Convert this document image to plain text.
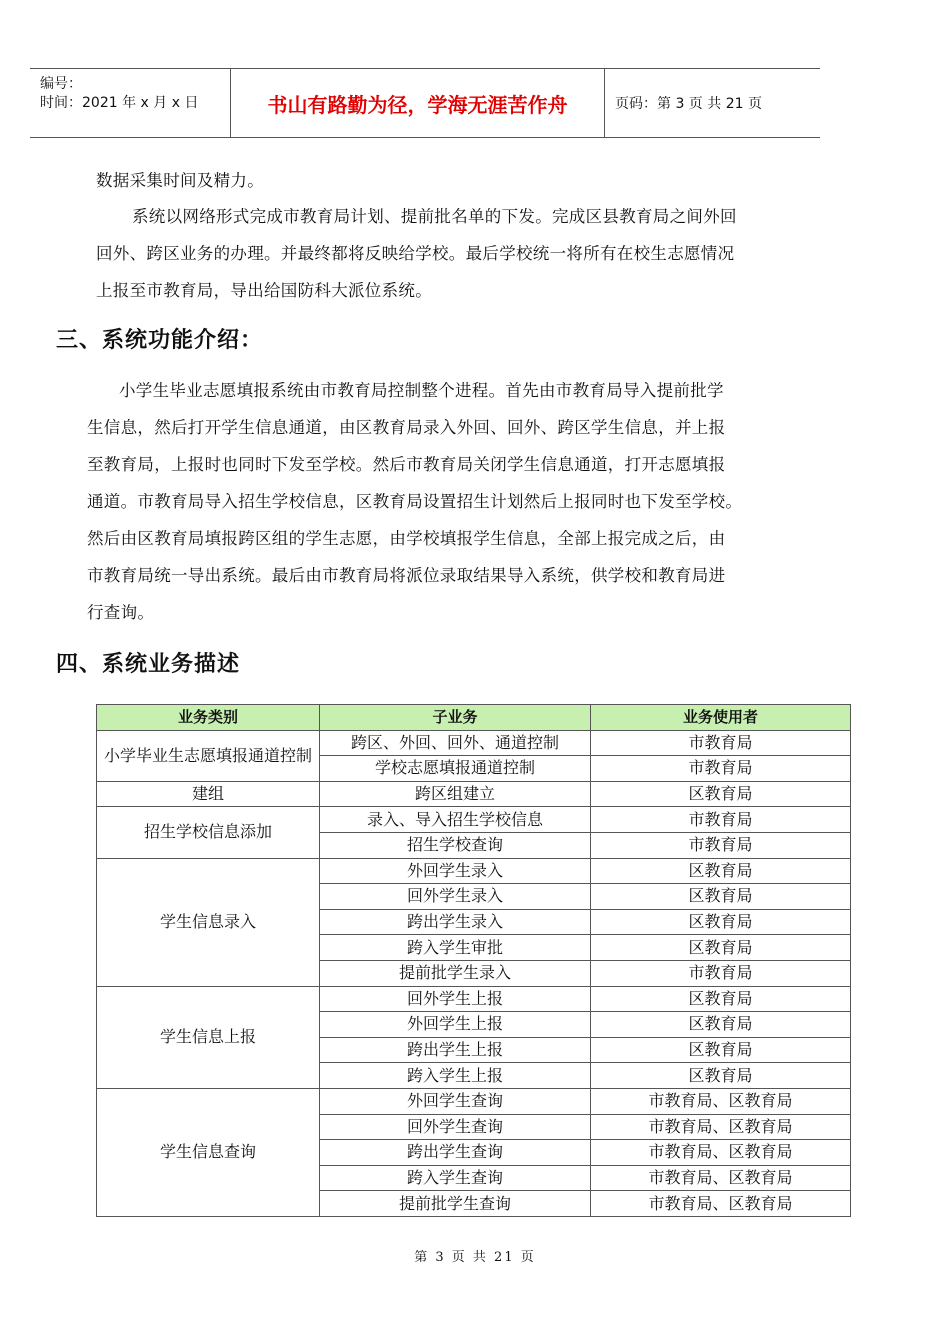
编号：
时间：2021 年 x 月 x 日	书山有路勤为径，学海无涯苦作舟	页码：第 3 页 共 21 页
数据采集时间及精力。
系统以网络形式完成市教育局计划、提前批名单的下发。完成区县教育局之间外回
回外、跨区业务的办理。并最终都将反映给学校。最后学校统一将所有在校生志愿情况
上报至市教育局，导出给国防科大派位系统。
三、系统功能介绍：
小学生毕业志愿填报系统由市教育局控制整个进程。首先由市教育局导入提前批学
生信息，然后打开学生信息通道，由区教育局录入外回、回外、跨区学生信息，并上报
至教育局，上报时也同时下发至学校。然后市教育局关闭学生信息通道，打开志愿填报
通道。市教育局导入招生学校信息，区教育局设置招生计划然后上报同时也下发至学校。
然后由区教育局填报跨区组的学生志愿，由学校填报学生信息，全部上报完成之后，由
市教育局统一导出系统。最后由市教育局将派位录取结果导入系统，供学校和教育局进
行查询。
四、系统业务描述
业务类别	子业务	业务使用者
小学毕业生志愿填报通道控制	跨区、外回、回外、通道控制	市教育局
	学校志愿填报通道控制	市教育局
建组	跨区组建立	区教育局
招生学校信息添加	录入、导入招生学校信息	市教育局
	招生学校查询	市教育局
学生信息录入	外回学生录入	区教育局
	回外学生录入	区教育局
	跨出学生录入	区教育局
	跨入学生审批	区教育局
	提前批学生录入	市教育局
学生信息上报	回外学生上报	区教育局
	外回学生上报	区教育局
	跨出学生上报	区教育局
	跨入学生上报	区教育局
学生信息查询	外回学生查询	市教育局、区教育局
	回外学生查询	市教育局、区教育局
	跨出学生查询	市教育局、区教育局
	跨入学生查询	市教育局、区教育局
	提前批学生查询	市教育局、区教育局
第 3 页 共 21 页
